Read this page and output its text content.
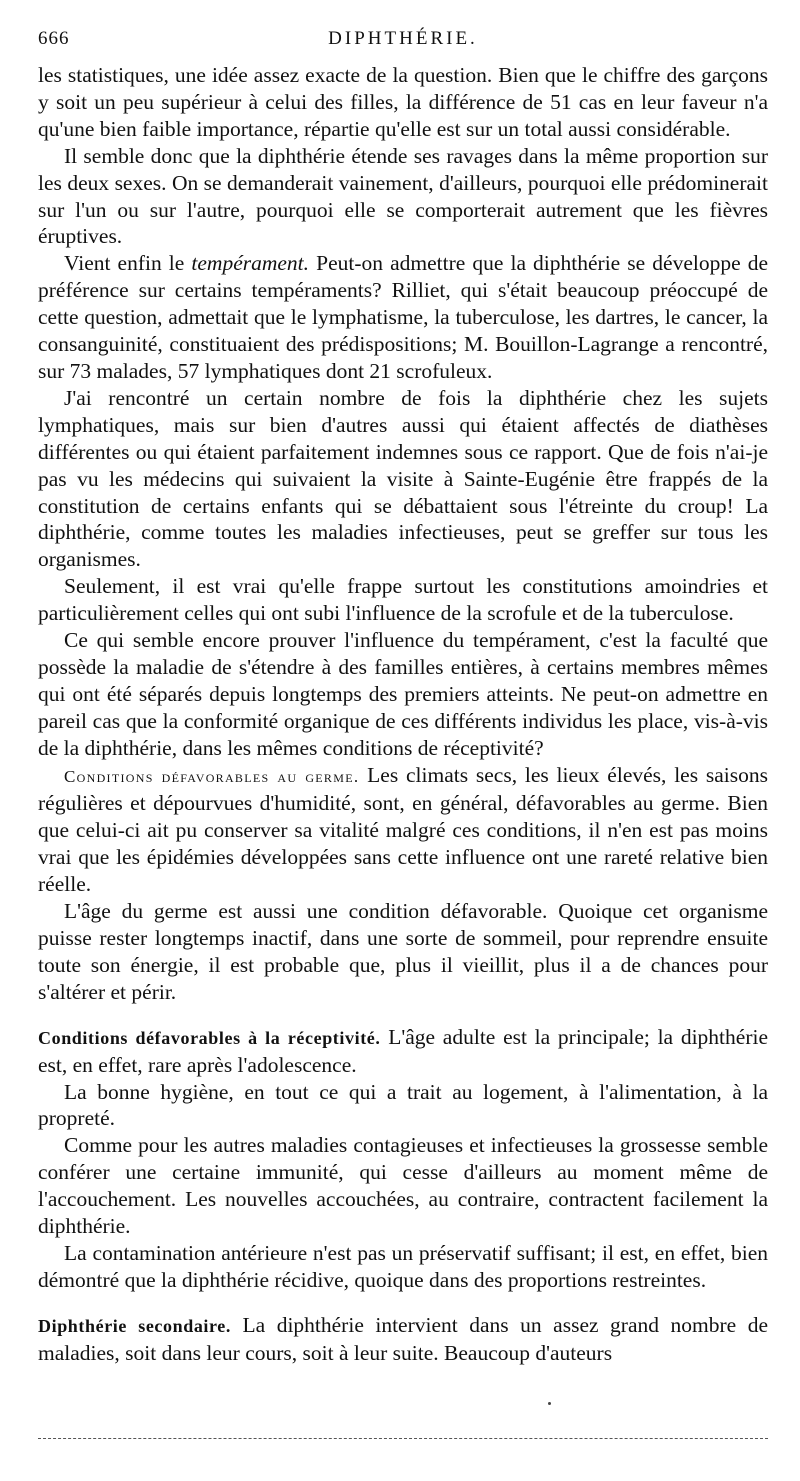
666	DIPHTHÉRIE.

les statistiques, une idée assez exacte de la question. Bien que le chiffre des garçons y soit un peu supérieur à celui des filles, la différence de 51 cas en leur faveur n'a qu'une bien faible importance, répartie qu'elle est sur un total aussi considérable.

Il semble donc que la diphthérie étende ses ravages dans la même proportion sur les deux sexes. On se demanderait vainement, d'ailleurs, pourquoi elle prédominerait sur l'un ou sur l'autre, pourquoi elle se comporterait autrement que les fièvres éruptives.

Vient enfin le tempérament. Peut-on admettre que la diphthérie se développe de préférence sur certains tempéraments? Rilliet, qui s'était beaucoup préoccupé de cette question, admettait que le lymphatisme, la tuberculose, les dartres, le cancer, la consanguinité, constituaient des prédispositions; M. Bouillon-Lagrange a rencontré, sur 73 malades, 57 lymphatiques dont 21 scrofuleux.

J'ai rencontré un certain nombre de fois la diphthérie chez les sujets lymphatiques, mais sur bien d'autres aussi qui étaient affectés de diathèses différentes ou qui étaient parfaitement indemnes sous ce rapport. Que de fois n'ai-je pas vu les médecins qui suivaient la visite à Sainte-Eugénie être frappés de la constitution de certains enfants qui se débattaient sous l'étreinte du croup! La diphthérie, comme toutes les maladies infectieuses, peut se greffer sur tous les organismes.

Seulement, il est vrai qu'elle frappe surtout les constitutions amoindries et particulièrement celles qui ont subi l'influence de la scrofule et de la tuberculose.

Ce qui semble encore prouver l'influence du tempérament, c'est la faculté que possède la maladie de s'étendre à des familles entières, à certains membres mêmes qui ont été séparés depuis longtemps des premiers atteints. Ne peut-on admettre en pareil cas que la conformité organique de ces différents individus les place, vis-à-vis de la diphthérie, dans les mêmes conditions de réceptivité?

Conditions défavorables au germe. Les climats secs, les lieux élevés, les saisons régulières et dépourvues d'humidité, sont, en général, défavorables au germe. Bien que celui-ci ait pu conserver sa vitalité malgré ces conditions, il n'en est pas moins vrai que les épidémies développées sans cette influence ont une rareté relative bien réelle.

L'âge du germe est aussi une condition défavorable. Quoique cet organisme puisse rester longtemps inactif, dans une sorte de sommeil, pour reprendre ensuite toute son énergie, il est probable que, plus il vieillit, plus il a de chances pour s'altérer et périr.

Conditions défavorables à la réceptivité. L'âge adulte est la principale; la diphthérie est, en effet, rare après l'adolescence.

La bonne hygiène, en tout ce qui a trait au logement, à l'alimentation, à la propreté.

Comme pour les autres maladies contagieuses et infectieuses la grossesse semble conférer une certaine immunité, qui cesse d'ailleurs au moment même de l'accouchement. Les nouvelles accouchées, au contraire, contractent facilement la diphthérie.

La contamination antérieure n'est pas un préservatif suffisant; il est, en effet, bien démontré que la diphthérie récidive, quoique dans des proportions restreintes.

Diphthérie secondaire. La diphthérie intervient dans un assez grand nombre de maladies, soit dans leur cours, soit à leur suite. Beaucoup d'auteurs
